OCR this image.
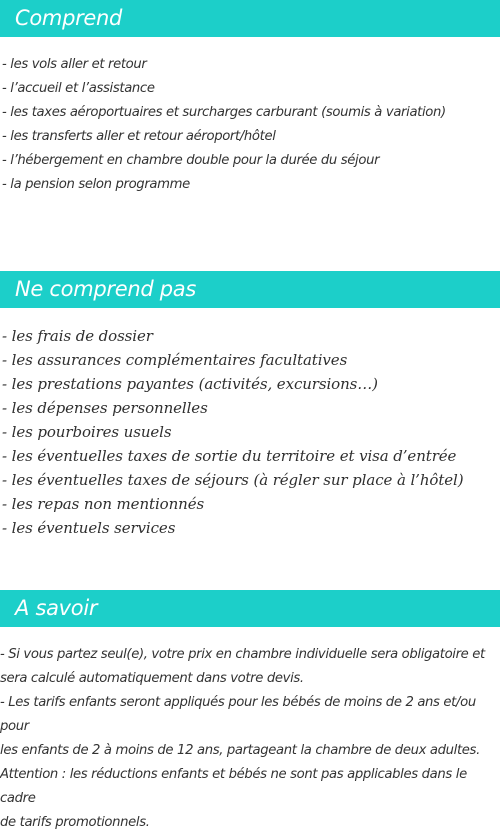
Comprend
- les vols aller et retour
- l’accueil et l’assistance
- les taxes aéroportuaires et surcharges carburant (soumis à variation)
- les transferts aller et retour aéroport/hôtel
- l’hébergement en chambre double pour la durée du séjour
- la pension selon programme
Ne comprend pas
- les frais de dossier
- les assurances complémentaires facultatives
- les prestations payantes (activités, excursions…)
- les dépenses personnelles
- les pourboires usuels
- les éventuelles taxes de sortie du territoire et visa d’entrée
- les éventuelles taxes de séjours (à régler sur place à l’hôtel)
- les repas non mentionnés
- les éventuels services
A savoir

- Si vous partez seul(e), votre prix en chambre individuelle sera obligatoire et

sera calculé automatiquement dans votre devis.

- Les tarifs enfants seront appliqués pour les bébés de moins de 2 ans et/ou pour

les enfants de 2 à moins de 12 ans, partageant la chambre de deux adultes.

Attention : les réductions enfants et bébés ne sont pas applicables dans le cadre

de tarifs promotionnels.
